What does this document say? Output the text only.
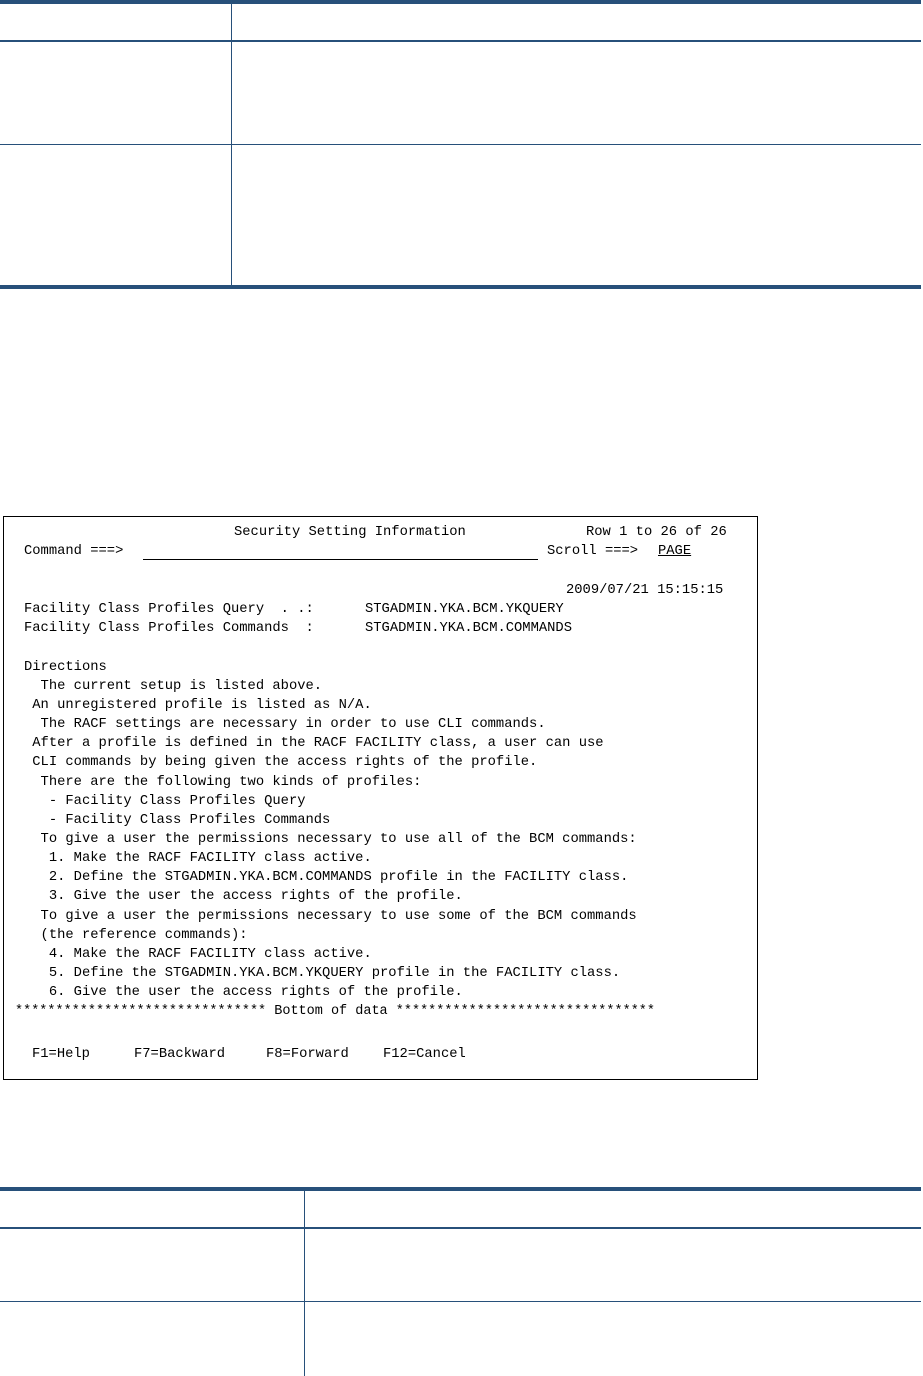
Security Setting Information	Row 1 to 26 of 26
Command ===>	Scroll ===> PAGE
2009/07/21 15:15:15
Facility Class Profiles Query  . .:	STGADMIN.YKA.BCM.YKQUERY
Facility Class Profiles Commands  :	STGADMIN.YKA.BCM.COMMANDS
Directions
The current setup is listed above.
An unregistered profile is listed as N/A.
The RACF settings are necessary in order to use CLI commands.
After a profile is defined in the RACF FACILITY class, a user can use
CLI commands by being given the access rights of the profile.
There are the following two kinds of profiles:
- Facility Class Profiles Query
- Facility Class Profiles Commands
To give a user the permissions necessary to use all of the BCM commands:
1. Make the RACF FACILITY class active.
2. Define the STGADMIN.YKA.BCM.COMMANDS profile in the FACILITY class.
3. Give the user the access rights of the profile.
To give a user the permissions necessary to use some of the BCM commands
(the reference commands):
4. Make the RACF FACILITY class active.
5. Define the STGADMIN.YKA.BCM.YKQUERY profile in the FACILITY class.
6. Give the user the access rights of the profile.
******************************* Bottom of data ********************************
F1=Help	F7=Backward	F8=Forward F12=Cancel
